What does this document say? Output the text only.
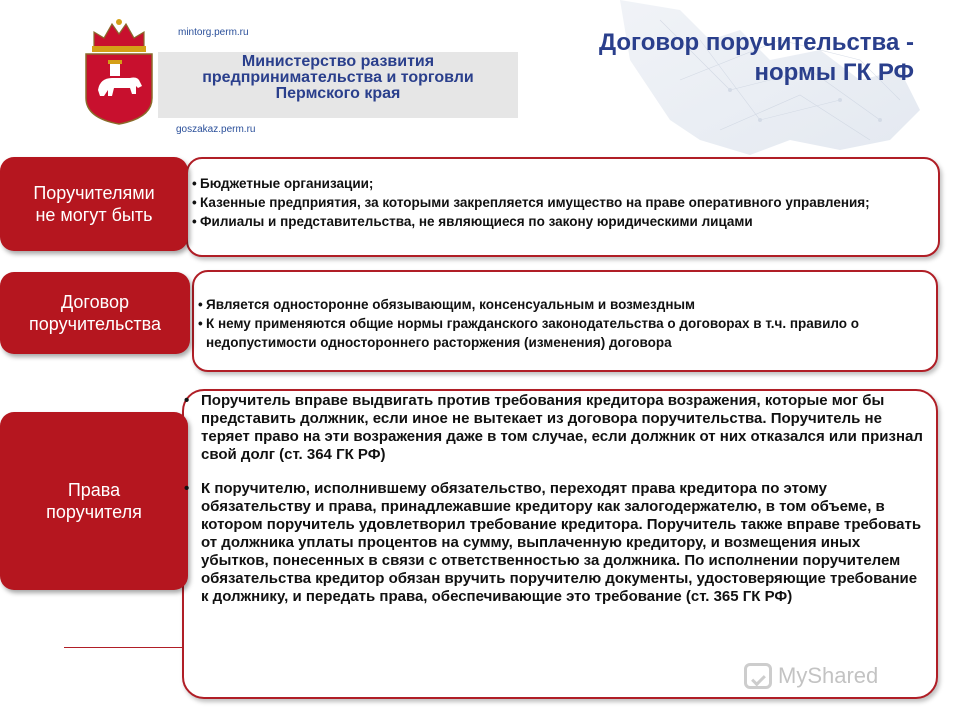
mintorg.perm.ru
goszakaz.perm.ru
Министерство развития
предпринимательства и торговли
Пермского края
Договор поручительства -
нормы ГК РФ
Поручителями
не могут быть
Договор
поручительства
Права
поручителя
• Бюджетные организации;
• Казенные предприятия, за которыми закрепляется имущество на праве оперативного управления;
• Филиалы и представительства, не являющиеся по закону юридическими лицами
• Является односторонне обязывающим, консенсуальным и возмездным
• К нему применяются общие нормы гражданского законодательства о договорах в т.ч. правило о недопустимости одностороннего расторжения (изменения) договора
• Поручитель вправе выдвигать против требования кредитора возражения, которые мог бы представить должник, если иное не вытекает из договора поручительства. Поручитель не теряет право на эти возражения даже в том случае, если должник от них отказался или признал свой долг (ст. 364 ГК РФ)
• К поручителю, исполнившему обязательство, переходят права кредитора по этому обязательству и права, принадлежавшие кредитору как залогодержателю, в том объеме, в котором поручитель удовлетворил требование кредитора. Поручитель также вправе требовать от должника уплаты процентов на сумму, выплаченную кредитору, и возмещения иных убытков, понесенных в связи с ответственностью за должника. По исполнении поручителем обязательства кредитор обязан вручить поручителю документы, удостоверяющие требование к должнику, и передать права, обеспечивающие это требование (ст. 365 ГК РФ)
MyShared
